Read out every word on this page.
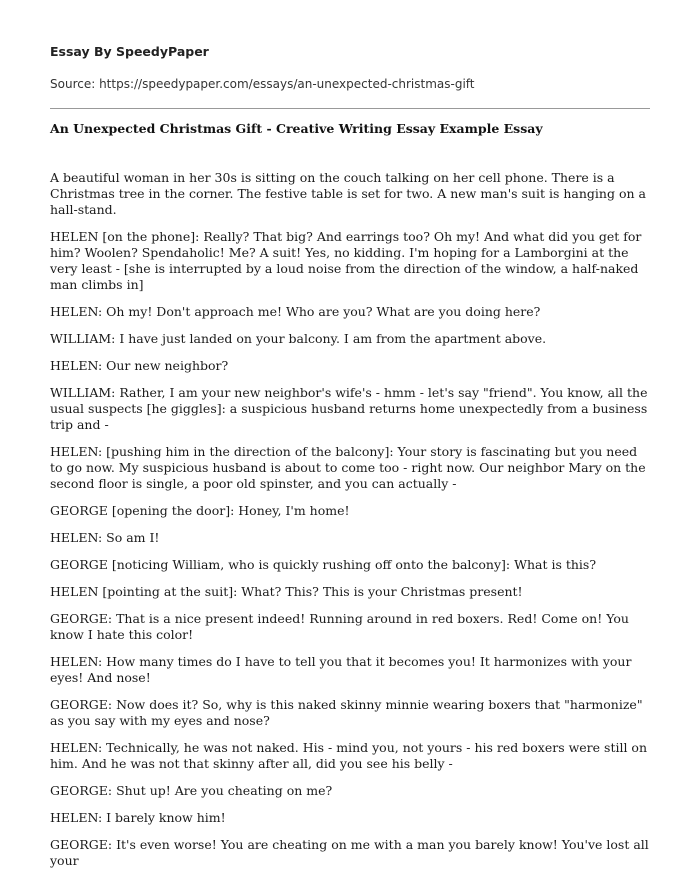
Essay By SpeedyPaper
Source: https://speedypaper.com/essays/an-unexpected-christmas-gift
An Unexpected Christmas Gift - Creative Writing Essay Example Essay

A beautiful woman in her 30s is sitting on the couch talking on her cell phone. There is a Christmas tree in the corner. The festive table is set for two. A new man's suit is hanging on a hall-stand.

HELEN [on the phone]: Really? That big? And earrings too? Oh my! And what did you get for him? Woolen? Spendaholic! Me? A suit! Yes, no kidding. I'm hoping for a Lamborgini at the very least - [she is interrupted by a loud noise from the direction of the window, a half-naked man climbs in]

HELEN: Oh my! Don't approach me! Who are you? What are you doing here?

WILLIAM: I have just landed on your balcony. I am from the apartment above.

HELEN: Our new neighbor?

WILLIAM: Rather, I am your new neighbor's wife's - hmm - let's say "friend". You know, all the usual suspects [he giggles]: a suspicious husband returns home unexpectedly from a business trip and -

HELEN: [pushing him in the direction of the balcony]: Your story is fascinating but you need to go now. My suspicious husband is about to come too - right now. Our neighbor Mary on the second floor is single, a poor old spinster, and you can actually -

GEORGE [opening the door]: Honey, I'm home!

HELEN: So am I!

GEORGE [noticing William, who is quickly rushing off onto the balcony]: What is this?

HELEN [pointing at the suit]: What? This? This is your Christmas present!

GEORGE: That is a nice present indeed! Running around in red boxers. Red! Come on! You know I hate this color!

HELEN: How many times do I have to tell you that it becomes you! It harmonizes with your eyes! And nose!

GEORGE: Now does it? So, why is this naked skinny minnie wearing boxers that "harmonize" as you say with my eyes and nose?

HELEN: Technically, he was not naked. His - mind you, not yours - his red boxers were still on him. And he was not that skinny after all, did you see his belly -

GEORGE: Shut up! Are you cheating on me?

HELEN: I barely know him!

GEORGE: It's even worse! You are cheating on me with a man you barely know! You've lost all your
